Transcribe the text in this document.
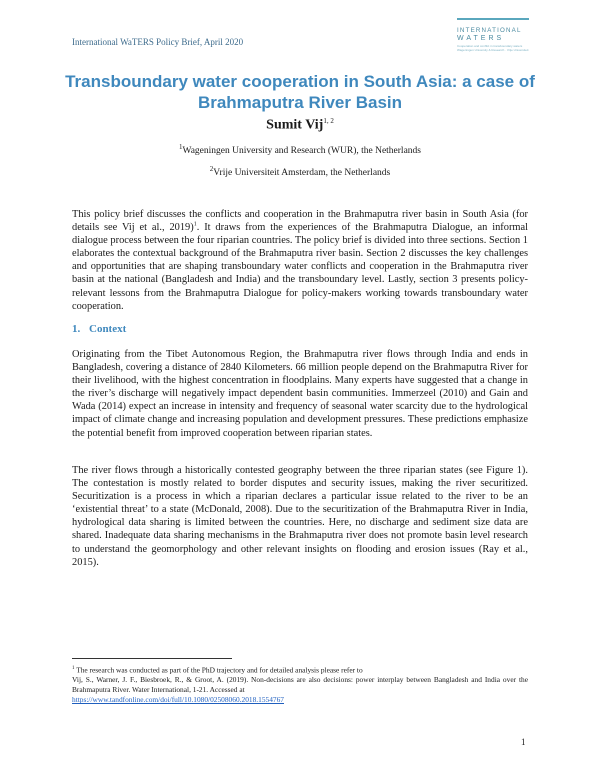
International WaTERS Policy Brief, April 2020
INTERNATIONAL
WATERS
Cooperation and conflict in transboundary waters
Wageningen University & Research · Vrije Universiteit
Transboundary water cooperation in South Asia: a case of Brahmaputra River Basin
Sumit Vij$^{1, 2}$
$^1$Wageningen University and Research (WUR), the Netherlands
$^2$Vrije Universiteit Amsterdam, the Netherlands

This policy brief discusses the conflicts and cooperation in the Brahmaputra river basin in South Asia (for details see Vij et al., 2019)$^1$. It draws from the experiences of the Brahmaputra Dialogue, an informal dialogue process between the four riparian countries. The policy brief is divided into three sections. Section 1 elaborates the contextual background of the Brahmaputra river basin. Section 2 discusses the key challenges and opportunities that are shaping transboundary water conflicts and cooperation in the Brahmaputra river basin at the national (Bangladesh and India) and the transboundary level. Lastly, section 3 presents policy-relevant lessons from the Brahmaputra Dialogue for policy-makers working towards transboundary water cooperation.

1. Context

Originating from the Tibet Autonomous Region, the Brahmaputra river flows through India and ends in Bangladesh, covering a distance of 2840 Kilometers. 66 million people depend on the Brahmaputra River for their livelihood, with the highest concentration in floodplains. Many experts have suggested that a change in the river’s discharge will negatively impact dependent basin communities. Immerzeel (2010) and Gain and Wada (2014) expect an increase in intensity and frequency of seasonal water scarcity due to the hydrological impact of climate change and increasing population and development pressures. These predictions emphasize the potential benefit from improved cooperation between riparian states.

The river flows through a historically contested geography between the three riparian states (see Figure 1). The contestation is mostly related to border disputes and security issues, making the river securitized. Securitization is a process in which a riparian declares a particular issue related to the river to be an ‘existential threat’ to a state (McDonald, 2008). Due to the securitization of the Brahmaputra River in India, hydrological data sharing is limited between the countries. Here, no discharge and sediment size data are shared. Inadequate data sharing mechanisms in the Brahmaputra river does not promote basin level research to understand the geomorphology and other relevant insights on flooding and erosion issues (Ray et al., 2015).

$^1$ The research was conducted as part of the PhD trajectory and for detailed analysis please refer to
Vij, S., Warner, J. F., Biesbroek, R., & Groot, A. (2019). Non-decisions are also decisions: power interplay between Bangladesh and India over the Brahmaputra River. Water International, 1-21. Accessed at
https://www.tandfonline.com/doi/full/10.1080/02508060.2018.1554767
1
